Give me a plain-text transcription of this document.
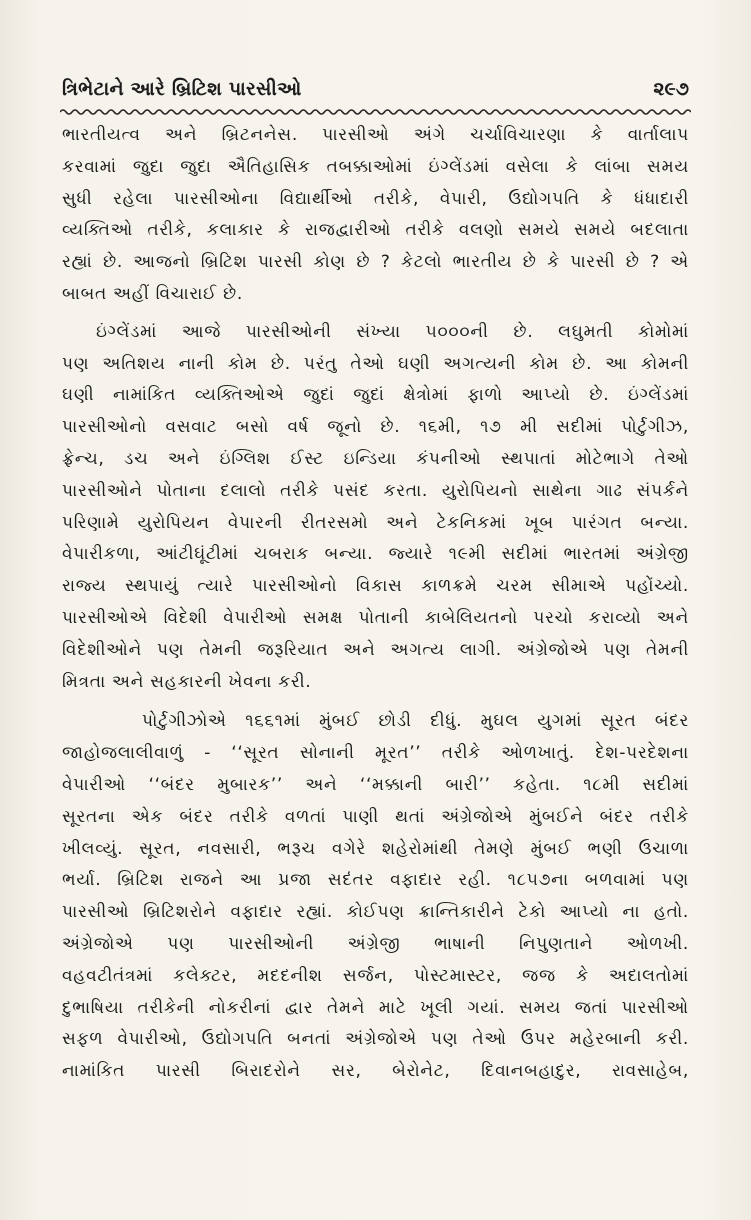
ત્રિભેટાને આરે બ્રિટિશ પારસીઓ	૨૯૭
ભારતીયત્વ અને બ્રિટનનેસ. પારસીઓ અંગે ચર્ચાવિચારણા કે વાર્તાલાપ
કરવામાં જુદા જુદા ઐતિહાસિક તબક્કાઓમાં ઇંગ્લેંડમાં વસેલા કે લાંબા સમય
સુધી રહેલા પારસીઓના વિદ્યાર્થીઓ તરીકે, વેપારી, ઉદ્યોગપતિ કે ધંધાદારી
વ્યક્તિઓ તરીકે, કલાકાર કે રાજદ્વારીઓ તરીકે વલણો સમયે સમયે બદલાતા
રહ્યાં છે. આજનો બ્રિટિશ પારસી કોણ છે ? કેટલો ભારતીય છે કે પારસી છે ? એ
બાબત અહીં વિચારાઈ છે.
ઇંગ્લેંડમાં આજે પારસીઓની સંખ્યા ૫૦૦૦ની છે. લઘુમતી કોમોમાં
પણ અતિશય નાની કોમ છે. પરંતુ તેઓ ઘણી અગત્યની કોમ છે. આ કોમની
ઘણી નામાંકિત વ્યક્તિઓએ જુદાં જુદાં ક્ષેત્રોમાં ફાળો આપ્યો છે. ઇંગ્લેંડમાં
પારસીઓનો વસવાટ બસો વર્ષ જૂનો છે. ૧૬મી, ૧૭ મી સદીમાં પોર્ટુગીઝ,
ફ્રેન્ચ, ડચ અને ઇંગ્લિશ ઈસ્ટ ઇન્ડિયા કંપનીઓ સ્થપાતાં મોટેભાગે તેઓ
પારસીઓને પોતાના દલાલો તરીકે પસંદ કરતા. યુરોપિયનો સાથેના ગાઢ સંપર્કને
પરિણામે યુરોપિયન વેપારની રીતરસમો અને ટેકનિકમાં ખૂબ પારંગત બન્યા.
વેપારીકળા, આંટીઘૂંટીમાં ચબરાક બન્યા. જ્યારે ૧૯મી સદીમાં ભારતમાં અંગ્રેજી
રાજ્ય સ્થપાયું ત્યારે પારસીઓનો વિકાસ કાળક્રમે ચરમ સીમાએ પહોંચ્યો.
પારસીઓએ વિદેશી વેપારીઓ સમક્ષ પોતાની કાબેલિયતનો પરચો કરાવ્યો અને
વિદેશીઓને પણ તેમની જરૂરિયાત અને અગત્ય લાગી. અંગ્રેજોએ પણ તેમની
મિત્રતા અને સહકારની ખેવના કરી.
પોર્ટુગીઝોએ ૧૬૬૧માં મુંબઈ છોડી દીધું. મુઘલ યુગમાં સૂરત બંદર
જાહોજલાલીવાળું - ‘‘સૂરત સોનાની મૂરત’’ તરીકે ઓળખાતું. દેશ-પરદેશના
વેપારીઓ ‘‘બંદર મુબારક’’ અને ‘‘મક્કાની બારી’’ કહેતા. ૧૮મી સદીમાં
સૂરતના એક બંદર તરીકે વળતાં પાણી થતાં અંગ્રેજોએ મુંબઈને બંદર તરીકે
ખીલવ્યું. સૂરત, નવસારી, ભરૂચ વગેરે શહેરોમાંથી તેમણે મુંબઈ ભણી ઉચાળા
ભર્યા. બ્રિટિશ રાજને આ પ્રજા સદંતર વફાદાર રહી. ૧૮૫૭ના બળવામાં પણ
પારસીઓ બ્રિટિશરોને વફાદાર રહ્યાં. કોઈપણ ક્રાન્તિકારીને ટેકો આપ્યો ના હતો.
અંગ્રેજોએ પણ પારસીઓની અંગ્રેજી ભાષાની નિપુણતાને ઓળખી.
વહવટીતંત્રમાં કલેક્ટર, મદદનીશ સર્જન, પોસ્ટમાસ્ટર, જજ કે અદાલતોમાં
દુભાષિયા તરીકેની નોકરીનાં દ્વાર તેમને માટે ખૂલી ગયાં. સમય જતાં પારસીઓ
સફળ વેપારીઓ, ઉદ્યોગપતિ બનતાં અંગ્રેજોએ પણ તેઓ ઉપર મહેરબાની કરી.
નામાંકિત પારસી બિરાદરોને સર, બેરોનેટ, દિવાનબહાદુર, રાવસાહેબ,
